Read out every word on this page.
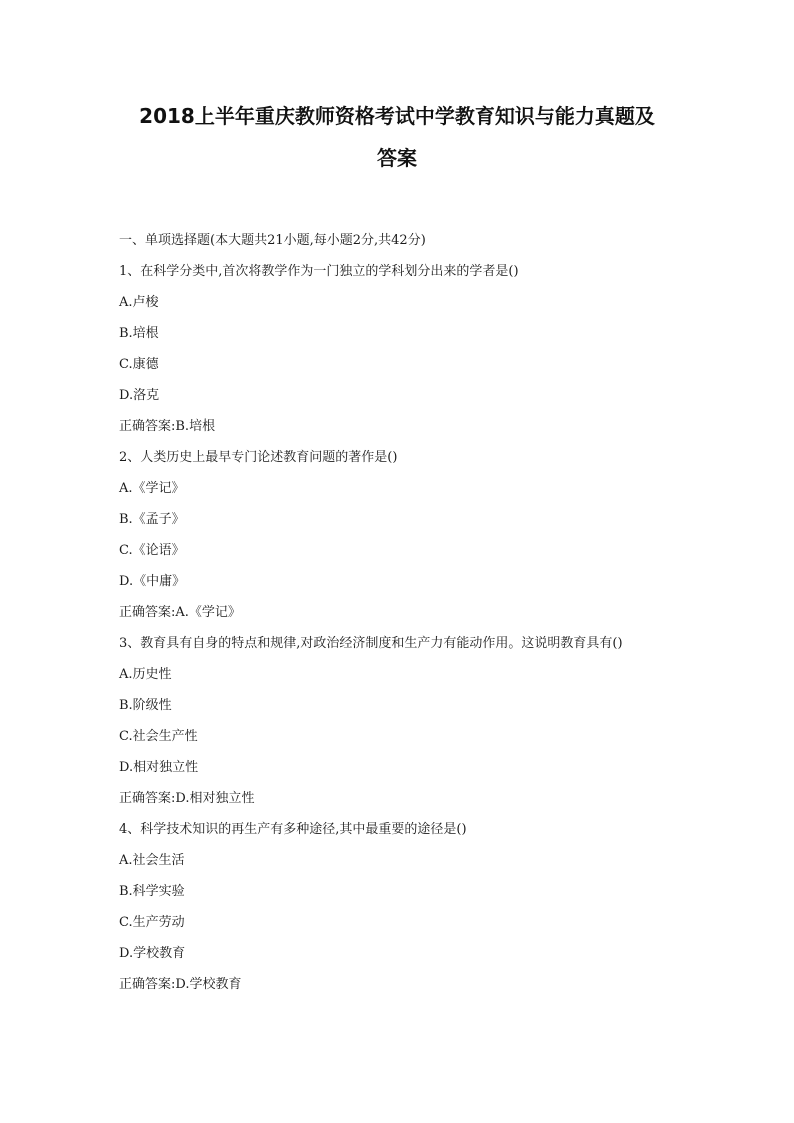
2018上半年重庆教师资格考试中学教育知识与能力真题及
答案
一、单项选择题(本大题共21小题,每小题2分,共42分)
1、在科学分类中,首次将教学作为一门独立的学科划分出来的学者是()
A.卢梭
B.培根
C.康德
D.洛克
正确答案:B.培根
2、人类历史上最早专门论述教育问题的著作是()
A.《学记》
B.《孟子》
C.《论语》
D.《中庸》
正确答案:A.《学记》
3、教育具有自身的特点和规律,对政治经济制度和生产力有能动作用。这说明教育具有()
A.历史性
B.阶级性
C.社会生产性
D.相对独立性
正确答案:D.相对独立性
4、科学技术知识的再生产有多种途径,其中最重要的途径是()
A.社会生活
B.科学实验
C.生产劳动
D.学校教育
正确答案:D.学校教育
